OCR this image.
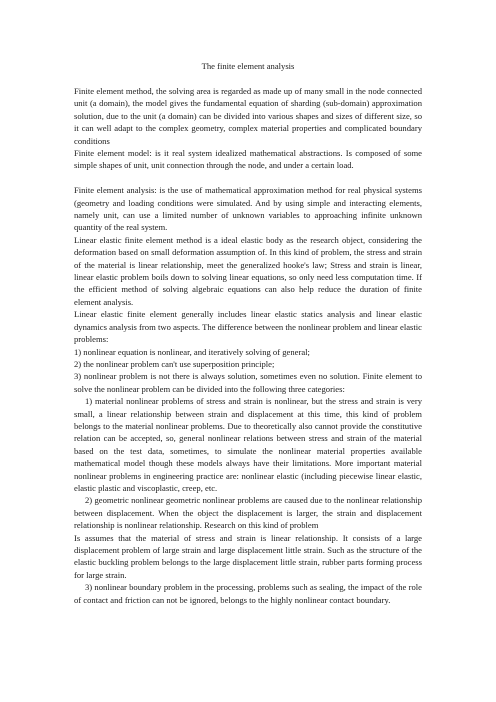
The finite element analysis

Finite element method, the solving area is regarded as made up of many small in the node connected unit (a domain), the model gives the fundamental equation of sharding (sub-domain) approximation solution, due to the unit (a domain) can be divided into various shapes and sizes of different size, so it can well adapt to the complex geometry, complex material properties and complicated boundary conditions

Finite element model: is it real system idealized mathematical abstractions. Is composed of some simple shapes of unit, unit connection through the node, and under a certain load.

Finite element analysis: is the use of mathematical approximation method for real physical systems (geometry and loading conditions were simulated. And by using simple and interacting elements, namely unit, can use a limited number of unknown variables to approaching infinite unknown quantity of the real system.

Linear elastic finite element method is a ideal elastic body as the research object, considering the deformation based on small deformation assumption of. In this kind of problem, the stress and strain of the material is linear relationship, meet the generalized hooke's law; Stress and strain is linear, linear elastic problem boils down to solving linear equations, so only need less computation time. If the efficient method of solving algebraic equations can also help reduce the duration of finite element analysis.

Linear elastic finite element generally includes linear elastic statics analysis and linear elastic dynamics analysis from two aspects. The difference between the nonlinear problem and linear elastic problems:

1) nonlinear equation is nonlinear, and iteratively solving of general;

2) the nonlinear problem can't use superposition principle;

3) nonlinear problem is not there is always solution, sometimes even no solution. Finite element to solve the nonlinear problem can be divided into the following three categories:

1) material nonlinear problems of stress and strain is nonlinear, but the stress and strain is very small, a linear relationship between strain and displacement at this time, this kind of problem belongs to the material nonlinear problems. Due to theoretically also cannot provide the constitutive relation can be accepted, so, general nonlinear relations between stress and strain of the material based on the test data, sometimes, to simulate the nonlinear material properties available mathematical model though these models always have their limitations. More important material nonlinear problems in engineering practice are: nonlinear elastic (including piecewise linear elastic, elastic plastic and viscoplastic, creep, etc.

2) geometric nonlinear geometric nonlinear problems are caused due to the nonlinear relationship between displacement. When the object the displacement is larger, the strain and displacement relationship is nonlinear relationship. Research on this kind of problem

Is assumes that the material of stress and strain is linear relationship. It consists of a large displacement problem of large strain and large displacement little strain. Such as the structure of the elastic buckling problem belongs to the large displacement little strain, rubber parts forming process for large strain.

3) nonlinear boundary problem in the processing, problems such as sealing, the impact of the role of contact and friction can not be ignored, belongs to the highly nonlinear contact boundary.
